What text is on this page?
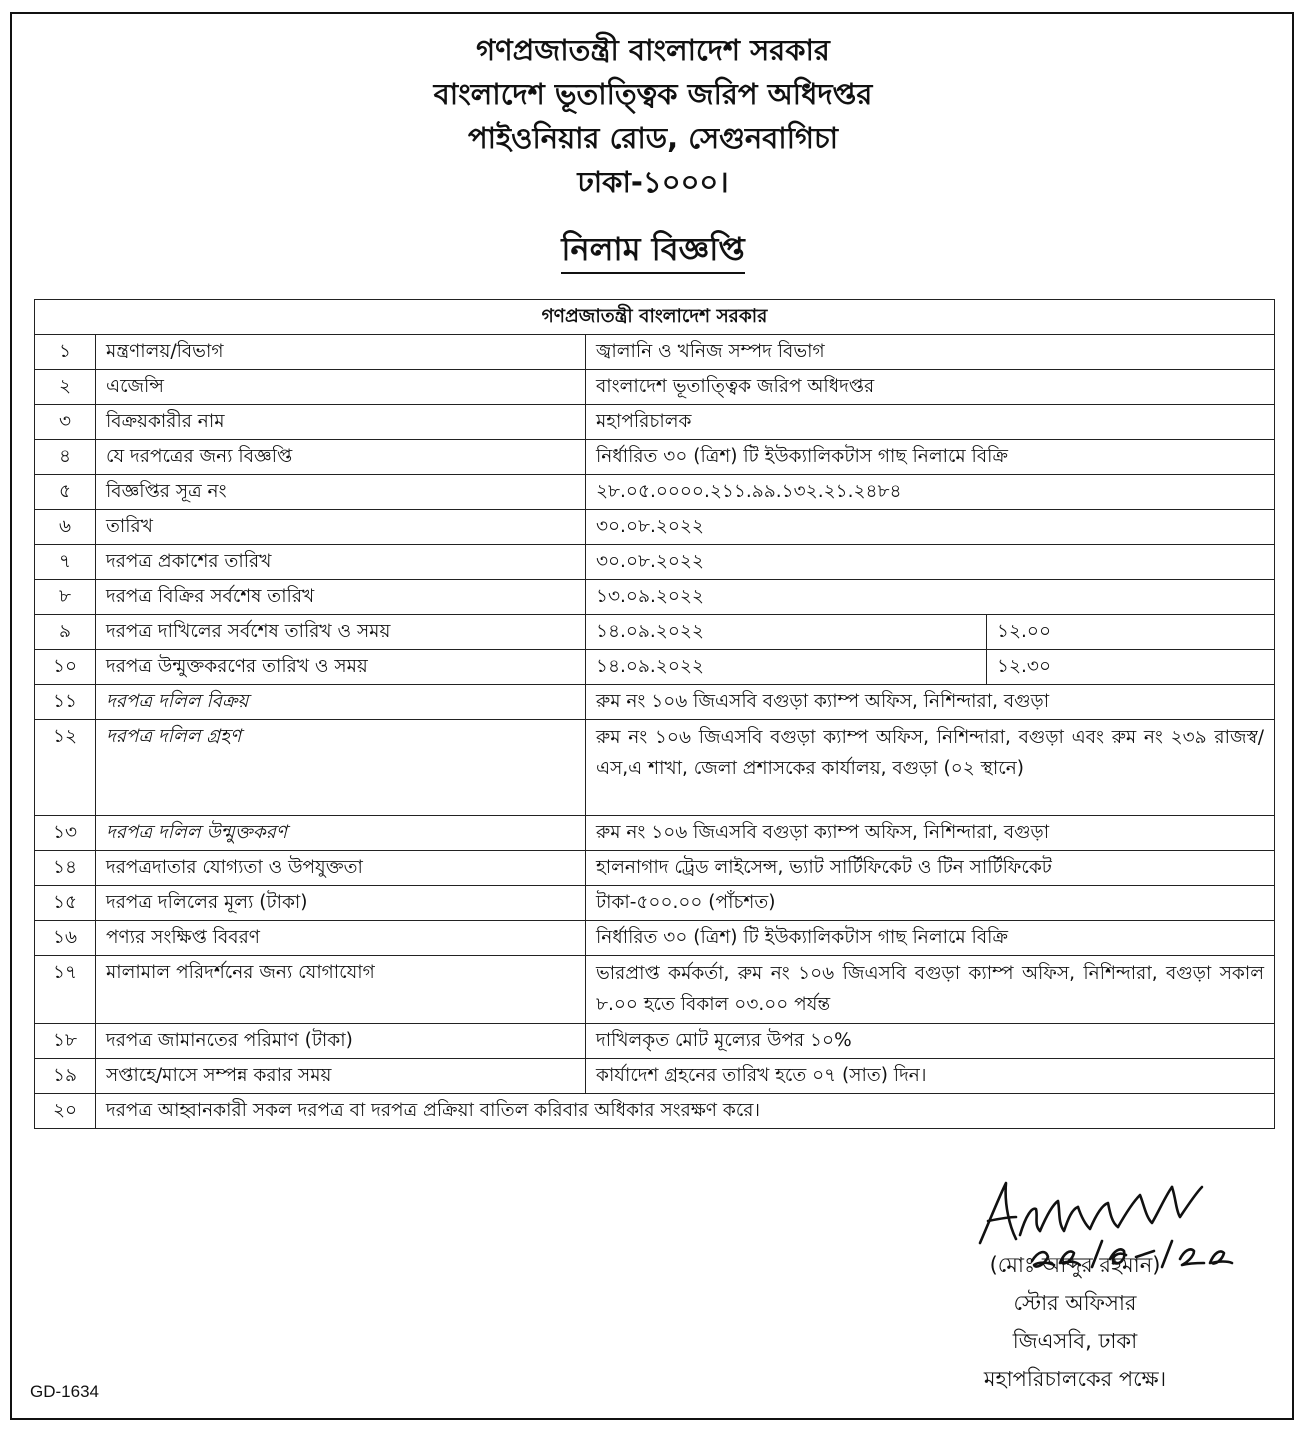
গণপ্রজাতন্ত্রী বাংলাদেশ সরকার
বাংলাদেশ ভূতাত্ত্বিক জরিপ অধিদপ্তর
পাইওনিয়ার রোড, সেগুনবাগিচা
ঢাকা-১০০০।
নিলাম বিজ্ঞপ্তি
গণপ্রজাতন্ত্রী বাংলাদেশ সরকার			
১	মন্ত্রণালয়/বিভাগ	জ্বালানি ও খনিজ সম্পদ বিভাগ	
২	এজেন্সি	বাংলাদেশ ভূতাত্ত্বিক জরিপ অধিদপ্তর	
৩	বিক্রয়কারীর নাম	মহাপরিচালক	
৪	যে দরপত্রের জন্য বিজ্ঞপ্তি	নির্ধারিত ৩০ (ত্রিশ) টি ইউক্যালিকটাস গাছ নিলামে বিক্রি	
৫	বিজ্ঞপ্তির সূত্র নং	২৮.০৫.০০০০.২১১.৯৯.১৩২.২১.২৪৮৪	
৬	তারিখ	৩০.০৮.২০২২	
৭	দরপত্র প্রকাশের তারিখ	৩০.০৮.২০২২	
৮	দরপত্র বিক্রির সর্বশেষ তারিখ	১৩.০৯.২০২২	
৯	দরপত্র দাখিলের সর্বশেষ তারিখ ও সময়	১৪.০৯.২০২২	১২.০০
১০	দরপত্র উন্মুক্তকরণের তারিখ ও সময়	১৪.০৯.২০২২	১২.৩০
১১	দরপত্র দলিল বিক্রয়	রুম নং ১০৬ জিএসবি বগুড়া ক্যাম্প অফিস, নিশিন্দারা, বগুড়া	
১২	দরপত্র দলিল গ্রহণ	রুম নং ১০৬ জিএসবি বগুড়া ক্যাম্প অফিস, নিশিন্দারা, বগুড়া এবং রুম নং ২৩৯ রাজস্ব/এস,এ শাখা, জেলা প্রশাসকের কার্যালয়, বগুড়া (০২ স্থানে)	
১৩	দরপত্র দলিল উন্মুক্তকরণ	রুম নং ১০৬ জিএসবি বগুড়া ক্যাম্প অফিস, নিশিন্দারা, বগুড়া	
১৪	দরপত্রদাতার যোগ্যতা ও উপযুক্ততা	হালনাগাদ ট্রেড লাইসেন্স, ভ্যাট সার্টিফিকেট ও টিন সার্টিফিকেট	
১৫	দরপত্র দলিলের মূল্য (টাকা)	টাকা-৫০০.০০ (পাঁচশত)	
১৬	পণ্যর সংক্ষিপ্ত বিবরণ	নির্ধারিত ৩০ (ত্রিশ) টি ইউক্যালিকটাস গাছ নিলামে বিক্রি	
১৭	মালামাল পরিদর্শনের জন্য যোগাযোগ	ভারপ্রাপ্ত কর্মকর্তা, রুম নং ১০৬ জিএসবি বগুড়া ক্যাম্প অফিস, নিশিন্দারা, বগুড়া সকাল ৮.০০ হতে বিকাল ০৩.০০ পর্যন্ত	
১৮	দরপত্র জামানতের পরিমাণ (টাকা)	দাখিলকৃত মোট মূল্যের উপর ১০%	
১৯	সপ্তাহে/মাসে সম্পন্ন করার সময়	কার্যাদেশ গ্রহনের তারিখ হতে ০৭ (সাত) দিন।	
২০	দরপত্র আহ্বানকারী সকল দরপত্র বা দরপত্র প্রক্রিয়া বাতিল করিবার অধিকার সংরক্ষণ করে।		
(মোঃ আব্দুর রহমান)
স্টোর অফিসার
জিএসবি, ঢাকা
মহাপরিচালকের পক্ষে।
GD-1634
